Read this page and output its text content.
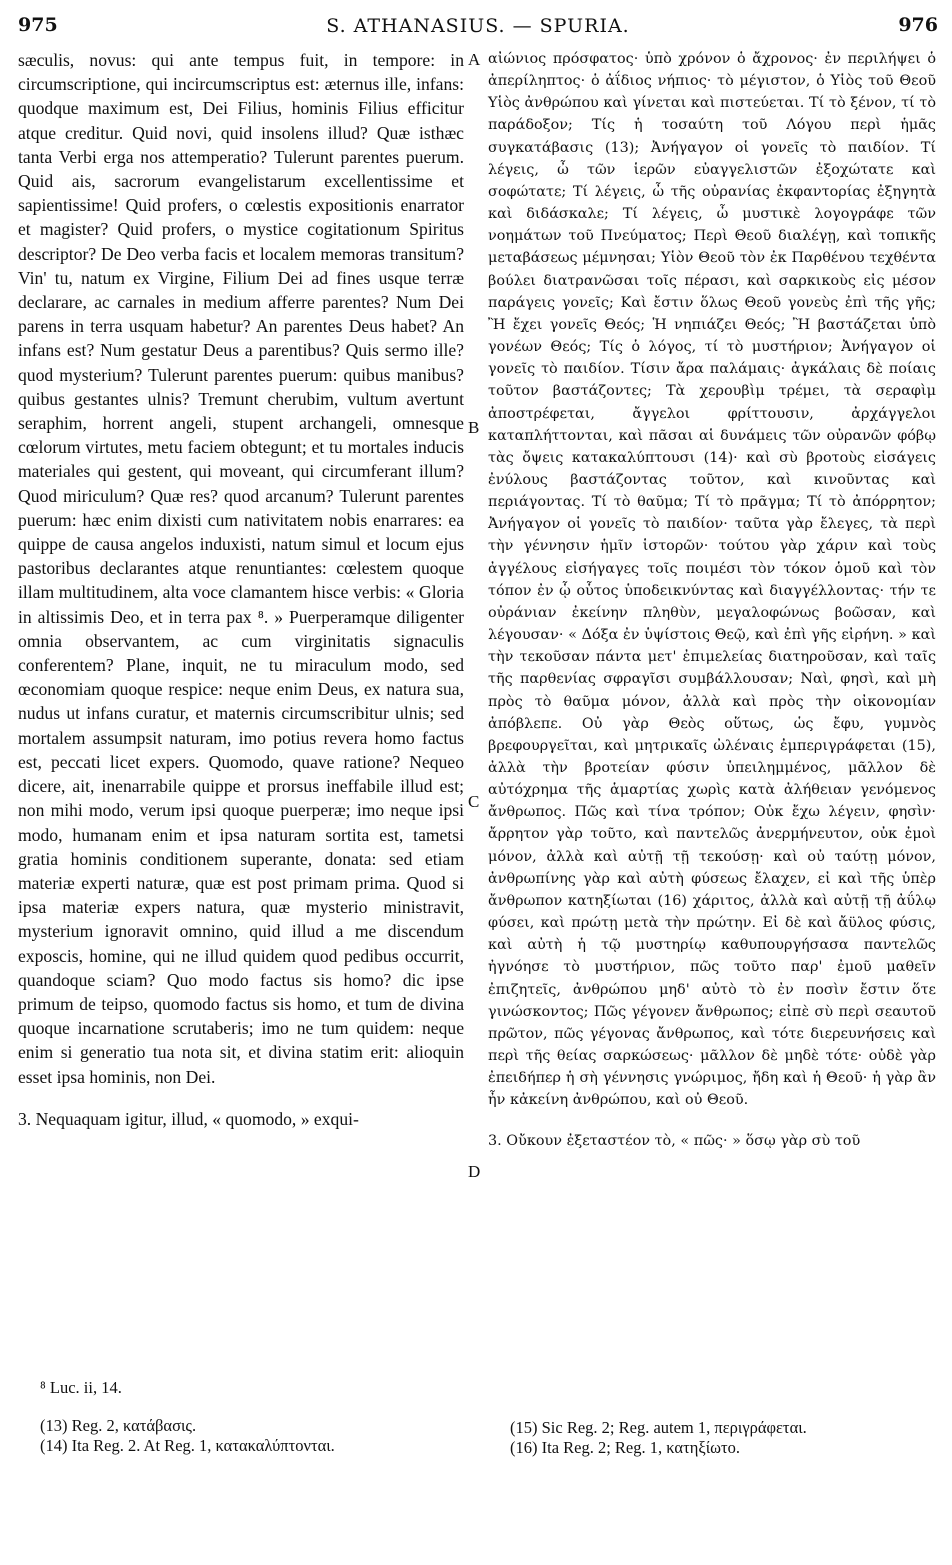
975	S. ATHANASIUS. — SPURIA.	976

sæculis, novus: qui ante tempus fuit, in tempore: in circumscriptione, qui incircumscriptus est: æternus ille, infans: quodque maximum est, Dei Filius, hominis Filius efficitur atque creditur. Quid novi, quid insolens illud? Quæ isthæc tanta Verbi erga nos attemperatio? Tulerunt parentes puerum. Quid ais, sacrorum evangelistarum excellentissime et sapientissime! Quid profers, o cœlestis expositionis enarrator et magister? Quid profers, o mystice cogitationum Spiritus descriptor? De Deo verba facis et localem memoras transitum? Vin' tu, natum ex Virgine, Filium Dei ad fines usque terræ declarare, ac carnales in medium afferre parentes? Num Dei parens in terra usquam habetur? An parentes Deus habet? An infans est? Num gestatur Deus a parentibus? Quis sermo ille? quod mysterium? Tulerunt parentes puerum: quibus manibus? quibus gestantes ulnis? Tremunt cherubim, vultum avertunt seraphim, horrent angeli, stupent archangeli, omnesque cœlorum virtutes, metu faciem obtegunt; et tu mortales inducis materiales qui gestent, qui moveant, qui circumferant illum? Quod miriculum? Quæ res? quod arcanum? Tulerunt parentes puerum: hæc enim dixisti cum nativitatem nobis enarrares: ea quippe de causa angelos induxisti, natum simul et locum ejus pastoribus declarantes atque renuntiantes: cœlestem quoque illam multitudinem, alta voce clamantem hisce verbis: « Gloria in altissimis Deo, et in terra pax ⁸. » Puerperamque diligenter omnia observantem, ac cum virginitatis signaculis conferentem? Plane, inquit, ne tu miraculum modo, sed œconomiam quoque respice: neque enim Deus, ex natura sua, nudus ut infans curatur, et maternis circumscribitur ulnis; sed mortalem assumpsit naturam, imo potius revera homo factus est, peccati licet expers. Quomodo, quave ratione? Nequeo dicere, ait, inenarrabile quippe et prorsus ineffabile illud est; non mihi modo, verum ipsi quoque puerperæ; imo neque ipsi modo, humanam enim et ipsa naturam sortita est, tametsi gratia hominis conditionem superante, donata: sed etiam materiæ experti naturæ, quæ est post primam prima. Quod si ipsa materiæ expers natura, quæ mysterio ministravit, mysterium ignoravit omnino, quid illud a me discendum exposcis, homine, qui ne illud quidem quod pedibus occurrit, quandoque sciam? Quo modo factus sis homo? dic ipse primum de teipso, quomodo factus sis homo, et tum de divina quoque incarnatione scrutaberis; imo ne tum quidem: neque enim si generatio tua nota sit, et divina statim erit: alioquin esset ipsa hominis, non Dei.

3. Nequaquam igitur, illud, « quomodo, » exqui-

A
B
C
D

αἰώνιος πρόσφατος· ὑπὸ χρόνον ὁ ἄχρονος· ἐν περιλήψει ὁ ἀπερίληπτος· ὁ ἀΐδιος νήπιος· τὸ μέγιστον, ὁ Υἱὸς τοῦ Θεοῦ Υἱὸς ἀνθρώπου καὶ γίνεται καὶ πιστεύεται. Τί τὸ ξένον, τί τὸ παράδοξον; Τίς ἡ τοσαύτη τοῦ Λόγου περὶ ἡμᾶς συγκατάβασις (13); Ἀνήγαγον οἱ γονεῖς τὸ παιδίον. Τί λέγεις, ὦ τῶν ἱερῶν εὐαγγελιστῶν ἐξοχώτατε καὶ σοφώτατε; Τί λέγεις, ὦ τῆς οὐρανίας ἐκφαντορίας ἐξηγητὰ καὶ διδάσκαλε; Τί λέγεις, ὦ μυστικὲ λογογράφε τῶν νοημάτων τοῦ Πνεύματος; Περὶ Θεοῦ διαλέγῃ, καὶ τοπικῆς μεταβάσεως μέμνησαι; Υἱὸν Θεοῦ τὸν ἐκ Παρθένου τεχθέντα βούλει διατρανῶσαι τοῖς πέρασι, καὶ σαρκικοὺς εἰς μέσον παράγεις γονεῖς; Καὶ ἔστιν ὅλως Θεοῦ γονεὺς ἐπὶ τῆς γῆς; Ἢ ἔχει γονεῖς Θεός; Ἡ νηπιάζει Θεός; Ἢ βαστάζεται ὑπὸ γονέων Θεός; Τίς ὁ λόγος, τί τὸ μυστήριον; Ἀνήγαγον οἱ γονεῖς τὸ παιδίον. Τίσιν ἄρα παλάμαις· ἀγκάλαις δὲ ποίαις τοῦτον βαστάζοντες; Τὰ χερουβὶμ τρέμει, τὰ σεραφὶμ ἀποστρέφεται, ἄγγελοι φρίττουσιν, ἀρχάγγελοι καταπλήττονται, καὶ πᾶσαι αἱ δυνάμεις τῶν οὐρανῶν φόβῳ τὰς ὄψεις κατακαλύπτουσι (14)· καὶ σὺ βροτοὺς εἰσάγεις ἐνύλους βαστάζοντας τοῦτον, καὶ κινοῦντας καὶ περιάγοντας. Τί τὸ θαῦμα; Τί τὸ πρᾶγμα; Τί τὸ ἀπόρρητον; Ἀνήγαγον οἱ γονεῖς τὸ παιδίον· ταῦτα γὰρ ἔλεγες, τὰ περὶ τὴν γέννησιν ἡμῖν ἱστορῶν· τούτου γὰρ χάριν καὶ τοὺς ἀγγέλους εἰσήγαγες τοῖς ποιμέσι τὸν τόκον ὁμοῦ καὶ τὸν τόπον ἐν ᾧ οὗτος ὑποδεικνύντας καὶ διαγγέλλοντας· τήν τε οὐράνιαν ἐκείνην πληθὺν, μεγαλοφώνως βοῶσαν, καὶ λέγουσαν· « Δόξα ἐν ὑψίστοις Θεῷ, καὶ ἐπὶ γῆς εἰρήνη. » καὶ τὴν τεκοῦσαν πάντα μετ' ἐπιμελείας διατηροῦσαν, καὶ ταῖς τῆς παρθενίας σφραγῖσι συμβάλλουσαν; Ναὶ, φησὶ, καὶ μὴ πρὸς τὸ θαῦμα μόνον, ἀλλὰ καὶ πρὸς τὴν οἰκονομίαν ἀπόβλεπε. Οὐ γὰρ Θεὸς οὕτως, ὡς ἔφυ, γυμνὸς βρεφουργεῖται, καὶ μητρικαῖς ὠλέναις ἐμπεριγράφεται (15), ἀλλὰ τὴν βροτείαν φύσιν ὑπειλημμένος, μᾶλλον δὲ αὐτόχρημα τῆς ἁμαρτίας χωρὶς κατὰ ἀλήθειαν γενόμενος ἄνθρωπος. Πῶς καὶ τίνα τρόπον; Οὐκ ἔχω λέγειν, φησὶν· ἄρρητον γὰρ τοῦτο, καὶ παντελῶς ἀνερμήνευτον, οὐκ ἐμοὶ μόνον, ἀλλὰ καὶ αὐτῇ τῇ τεκούσῃ· καὶ οὐ ταύτῃ μόνον, ἀνθρωπίνης γὰρ καὶ αὐτὴ φύσεως ἔλαχεν, εἰ καὶ τῆς ὑπὲρ ἄνθρωπον κατηξίωται (16) χάριτος, ἀλλὰ καὶ αὐτῇ τῇ ἀΰλῳ φύσει, καὶ πρώτῃ μετὰ τὴν πρώτην. Εἰ δὲ καὶ ἄϋλος φύσις, καὶ αὐτὴ ἡ τῷ μυστηρίῳ καθυπουργήσασα παντελῶς ἠγνόησε τὸ μυστήριον, πῶς τοῦτο παρ' ἐμοῦ μαθεῖν ἐπιζητεῖς, ἀνθρώπου μηδ' αὐτὸ τὸ ἐν ποσὶν ἔστιν ὅτε γινώσκοντος; Πῶς γέγονεν ἄνθρωπος; εἰπὲ σὺ περὶ σεαυτοῦ πρῶτον, πῶς γέγονας ἄνθρωπος, καὶ τότε διερευνήσεις καὶ περὶ τῆς θείας σαρκώσεως· μᾶλλον δὲ μηδὲ τότε· οὐδὲ γὰρ ἐπειδήπερ ἡ σὴ γέννησις γνώριμος, ἤδη καὶ ἡ Θεοῦ· ἡ γὰρ ἂν ἦν κἀκείνη ἀνθρώπου, καὶ οὐ Θεοῦ.

3. Οὔκουν ἐξεταστέον τὸ, « πῶς· » ὅσῳ γὰρ σὺ τοῦ

⁸ Luc. ii, 14.
(13) Reg. 2, κατάβασις.
(14) Ita Reg. 2. At Reg. 1, κατακαλύπτονται.
(15) Sic Reg. 2; Reg. autem 1, περιγράφεται.
(16) Ita Reg. 2; Reg. 1, κατηξίωτο.
